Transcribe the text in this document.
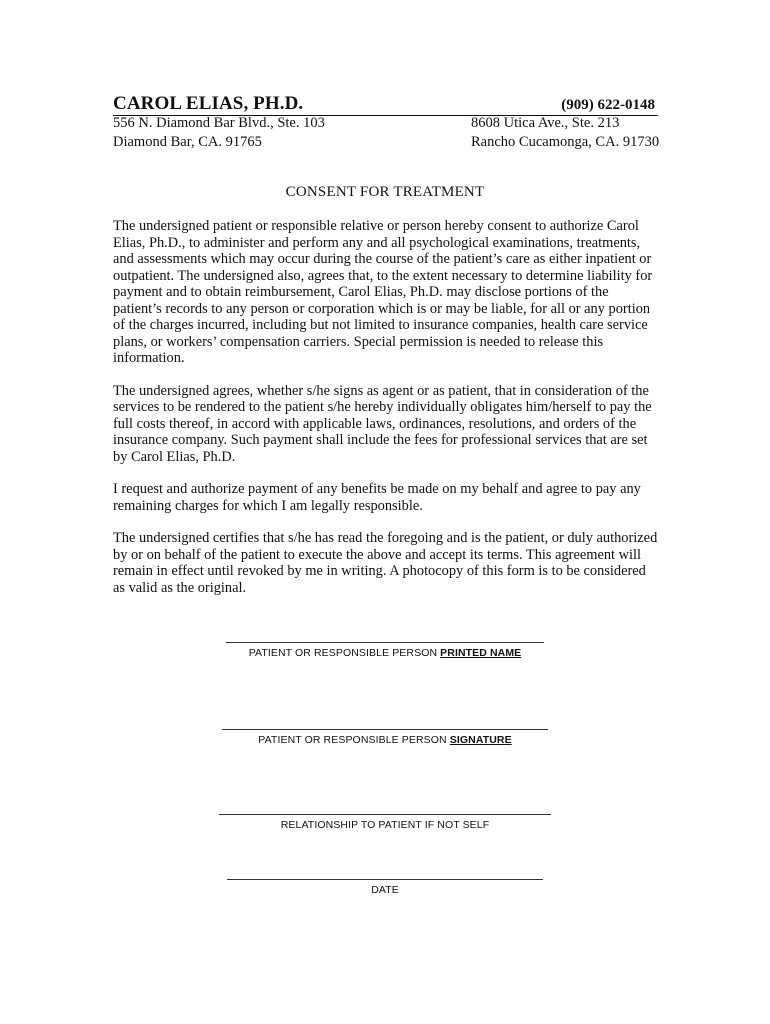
CAROL ELIAS, PH.D.	(909) 622-0148
556 N. Diamond Bar Blvd., Ste. 103
Diamond Bar, CA. 91765
8608 Utica Ave., Ste. 213
Rancho Cucamonga, CA. 91730
CONSENT FOR TREATMENT

The undersigned patient or responsible relative or person hereby consent to authorize Carol Elias, Ph.D., to administer and perform any and all psychological examinations, treatments, and assessments which may occur during the course of the patient’s care as either inpatient or outpatient. The undersigned also, agrees that, to the extent necessary to determine liability for payment and to obtain reimbursement, Carol Elias, Ph.D. may disclose portions of the patient’s records to any person or corporation which is or may be liable, for all or any portion of the charges incurred, including but not limited to insurance companies, health care service plans, or workers’ compensation carriers. Special permission is needed to release this information.

The undersigned agrees, whether s/he signs as agent or as patient, that in consideration of the services to be rendered to the patient s/he hereby individually obligates him/herself to pay the full costs thereof, in accord with applicable laws, ordinances, resolutions, and orders of the insurance company. Such payment shall include the fees for professional services that are set by Carol Elias, Ph.D.

I request and authorize payment of any benefits be made on my behalf and agree to pay any remaining charges for which I am legally responsible.

The undersigned certifies that s/he has read the foregoing and is the patient, or duly authorized by or on behalf of the patient to execute the above and accept its terms. This agreement will remain in effect until revoked by me in writing. A photocopy of this form is to be considered as valid as the original.

PATIENT OR RESPONSIBLE PERSON PRINTED NAME
PATIENT OR RESPONSIBLE PERSON SIGNATURE
RELATIONSHIP TO PATIENT IF NOT SELF
DATE
